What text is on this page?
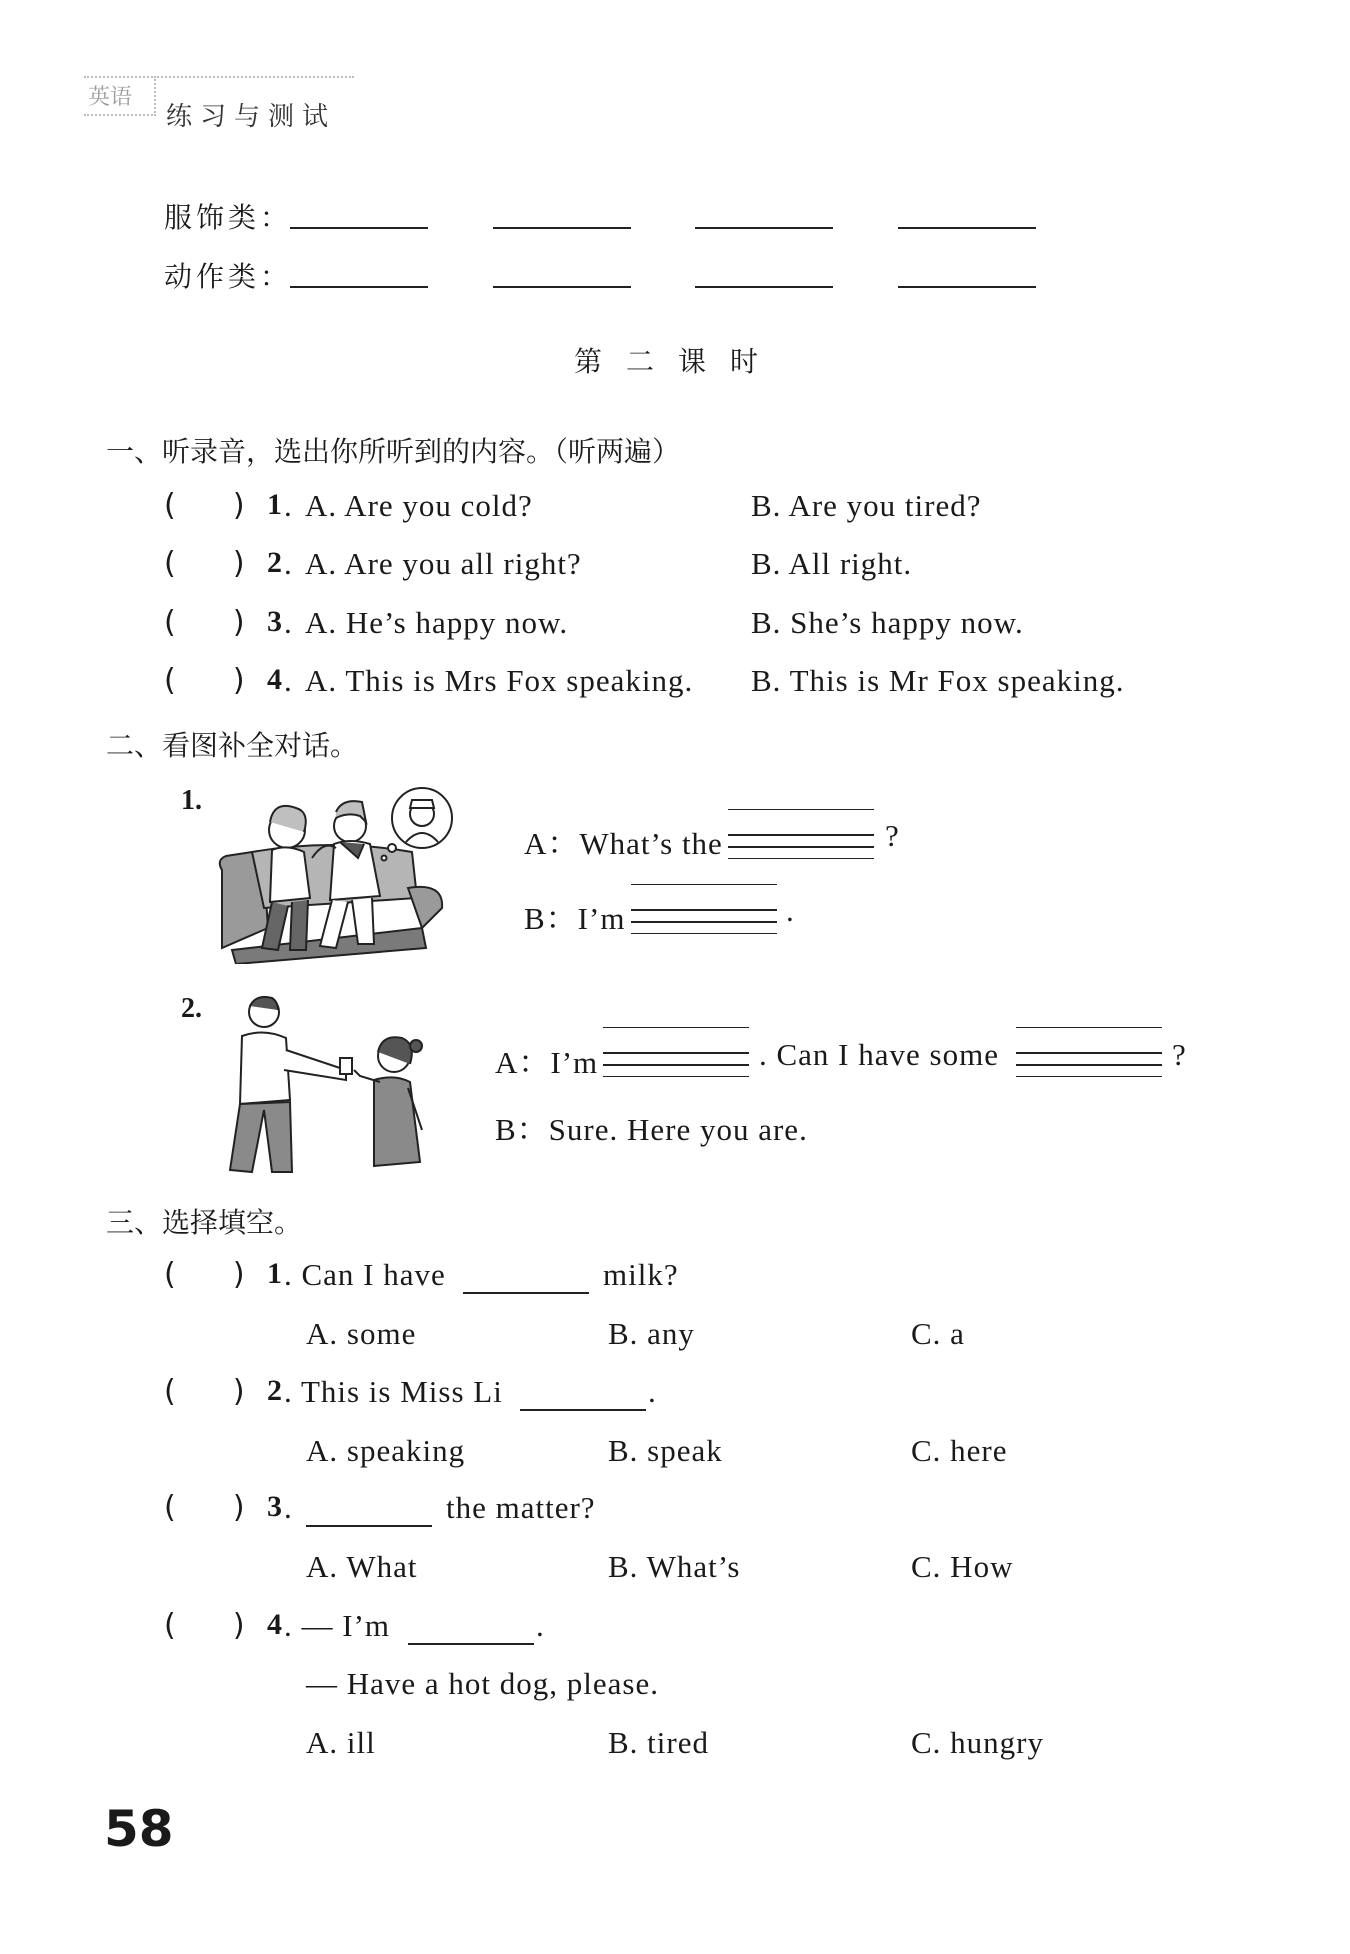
英语
练习与测试
服饰类：
动作类：
第二课时
一、听录音，选出你所听到的内容。（听两遍）
(      ) 1 . A. Are you cold?	B. Are you tired?
(      ) 2 . A. Are you all right?	B. All right.
(      ) 3 . A. He’s happy now.	B. She’s happy now.
(      ) 4 . A. This is Mrs Fox speaking. B. This is Mr Fox speaking.
二、看图补全对话。
1.
A：What’s the	?
B：I’m	.
2.
A：I’m	. Can I have some	?
B：Sure. Here you are.
三、选择填空。
(      ) 1 . Can I have	milk?
A. some	B. any	C. a
(      ) 2 . This is Miss Li	.
A. speaking	B. speak	C. here
(      ) 3 .	the matter?
A. What	B. What’s	C. How
(      ) 4 . — I’m	.
— Have a hot dog, please.
A. ill	B. tired	C. hungry
58
